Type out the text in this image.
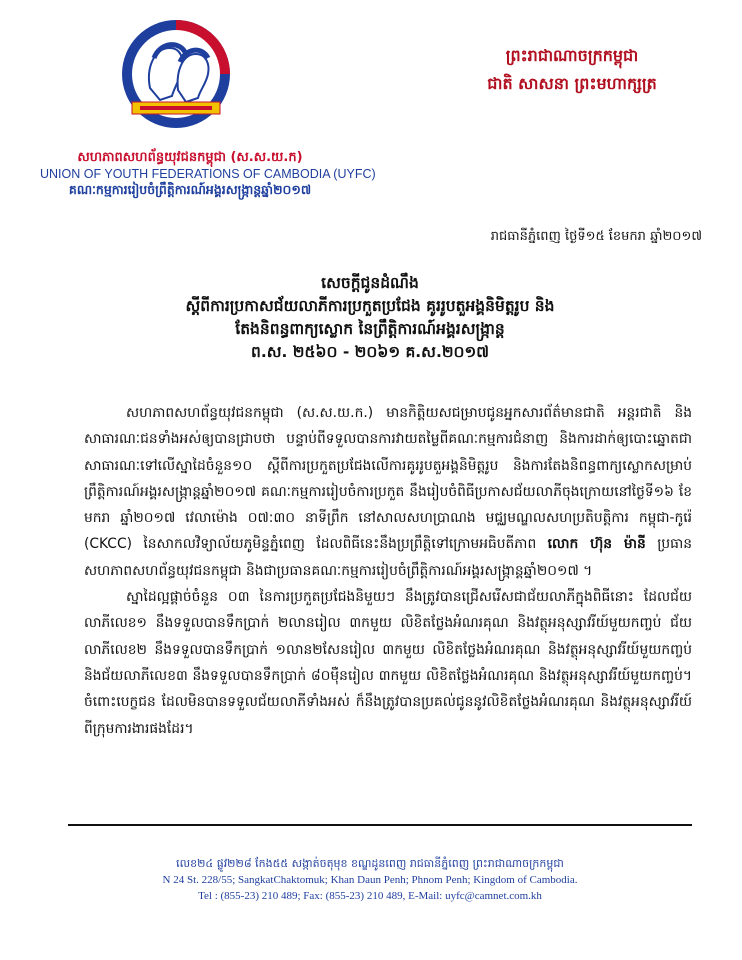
សហភាពសហព័ន្ធយុវជនកម្ពុជា (ស.ស.យ.ក)
UNION OF YOUTH FEDERATIONS OF CAMBODIA (UYFC)
គណៈកម្មការរៀបចំព្រឹត្តិការណ៍អង្គរសង្ក្រាន្តឆ្នាំ២០១៧
ព្រះរាជាណាចក្រកម្ពុជា
ជាតិ សាសនា ព្រះមហាក្សត្រ
រាជធានីភ្នំពេញ ថ្ងៃទី១៥ ខែមករា ឆ្នាំ២០១៧
សេចក្តីជូនដំណឹង
ស្តីពីការប្រកាសជ័យលាភីការប្រកួតប្រជែង គូររូបតួអង្គនិមិត្តរូប និង
តែងនិពន្ធពាក្យស្លោក នៃព្រឹត្តិការណ៍អង្គរសង្ក្រាន្ត
ព.ស. ២៥៦០ - ២០៦១ គ.ស.២០១៧

សហភាពសហព័ន្ធយុវជនកម្ពុជា (ស.ស.យ.ក.) មានកិត្តិយសជម្រាបជូនអ្នកសារព័ត៌មានជាតិ អន្តរជាតិ និងសាធារណៈជនទាំងអស់ឲ្យបានជ្រាបថា បន្ទាប់ពីទទួលបានការវាយតម្លៃពីគណៈកម្មការជំនាញ និងការដាក់ឲ្យបោះឆ្នោតជាសាធារណៈទៅលើស្នាដៃចំនួន១០ ស្តីពីការប្រកួតប្រជែងលើការគូររូបតួអង្គនិមិត្តរូប និងការតែងនិពន្ធពាក្យស្លោកសម្រាប់ព្រឹត្តិការណ៍អង្គរសង្ក្រាន្តឆ្នាំ២០១៧ គណៈកម្មការរៀបចំការប្រកួត នឹងរៀបចំពិធីប្រកាសជ័យលាភីចុងក្រោយនៅថ្ងៃទី១៦ ខែមករា ឆ្នាំ២០១៧ វេលាម៉ោង ០៧:៣០ នាទីព្រឹក នៅសាលសហប្រាណង មជ្ឈមណ្ឌលសហប្រតិបត្តិការ កម្ពុជា-កូរ៉េ (CKCC) នៃសាកលវិទ្យាល័យភូមិន្ទភ្នំពេញ ដែលពិធីនេះនឹងប្រព្រឹត្តិទៅក្រោមអធិបតីភាព លោក ហ៊ុន ម៉ានី ប្រធានសហភាពសហព័ន្ធយុវជនកម្ពុជា និងជាប្រធានគណៈកម្មការរៀបចំព្រឹត្តិការណ៍អង្គរសង្ក្រាន្តឆ្នាំ២០១៧ ។

ស្នាដៃល្អផ្តាច់ចំនួន ០៣ នៃការប្រកួតប្រជែងនិមួយៗ នឹងត្រូវបានជ្រើសរើសជាជ័យលាភីក្នុងពិធីនោះ ដែលជ័យលាភីលេខ១ នឹងទទួលបានទឹកប្រាក់ ២លានរៀល ៣កមួយ លិខិតថ្លែងអំណរគុណ និងវត្ថុអនុស្សាវរីយ៍មួយកញ្ចប់ ជ័យលាភីលេខ២ នឹងទទួលបានទឹកប្រាក់ ១លាន២សែនរៀល ៣កមួយ លិខិតថ្លែងអំណរគុណ និងវត្ថុអនុស្សាវរីយ៍មួយកញ្ចប់ និងជ័យលាភីលេខ៣ នឹងទទួលបានទឹកប្រាក់ ៨០ម៉ឺនរៀល ៣កមួយ លិខិតថ្លែងអំណរគុណ និងវត្ថុអនុស្សាវរីយ៍មួយកញ្ចប់។ ចំពោះបេក្ខជន ដែលមិនបានទទួលជ័យលាភីទាំងអស់ ក៏នឹងត្រូវបានប្រគល់ជូននូវលិខិតថ្លែងអំណរគុណ និងវត្ថុអនុស្សាវរីយ៍ពីក្រុមការងារផងដែរ។

លេខ២៤ ផ្លូវ២២៨ កែង៥៥ សង្កាត់ចតុមុខ ខណ្ឌដូនពេញ រាជធានីភ្នំពេញ ព្រះរាជាណាចក្រកម្ពុជា
N 24 St. 228/55; SangkatChaktomuk; Khan Daun Penh; Phnom Penh; Kingdom of Cambodia.
Tel : (855-23) 210 489; Fax: (855-23) 210 489, E-Mail: uyfc@camnet.com.kh
